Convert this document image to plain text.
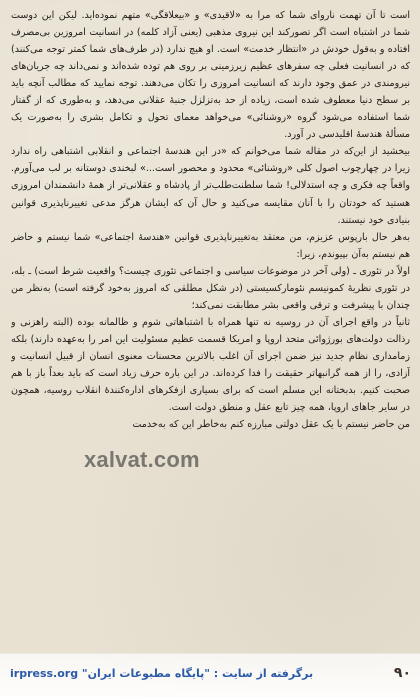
است تا آن تهمت ناروای شما که مرا به «لاقیدی» و «بیعلاقگی» متهم نموده‌اید. لیکن این دوست شما در اشتباه است اگر تصورکند این نیروی مذهبی (یعنی آزاد کلمه) در انسانیت امروزین بی‌مصرف افتاده و به‌قول خودش در «انتظار خدمت» است. او هیچ ندارد (در طرف‌های شما کمتر توجه می‌کنند) که در انسانیت فعلی چه سفرهای عظیم زیرزمینی بر روی هم توده شده‌اند و نمی‌داند چه جریان‌های نیرومندی در عمق وجود دارند که انسانیت امروزی را تکان می‌دهند. توجه نمایید که مطالب آنچه باید بر سطح دنیا معطوف شده است، زیاده از حد به‌تزلزل جنبهٔ عقلانی می‌دهد، و به‌طوری که از گفتار شما استفاده می‌شود گروه «روشنائی» می‌خواهد معمای تحول و تکامل بشری را به‌صورت یک مسألهٔ هندسهٔ اقلیدسی در آورد.

بیخشید از این‌که در مقاله شما می‌خوانم که «در این هندسهٔ اجتماعی و انقلابی اشتباهی راه ندارد زیرا در چهارچوب اصول کلی «روشنائی» محدود و محصور است...» لبخندی دوستانه بر لب می‌آورم. واقعاً چه فکری و چه استدلالی! شما سلطنت‌طلب‌تر از پادشاه و عقلانی‌تر از همهٔ دانشمندان امروزی هستید که خودتان را با آنان مقایسه می‌کنید و حال آن که ایشان هرگز مدعی تغییرناپذیری قوانین بنیادی خود نیستند.

به‌هر حال بارپوس عزیزم، من معتقد به‌تغییرناپذیری قوانین «هندسهٔ اجتماعی» شما نیستم و حاضر هم نیستم به‌آن بپیوندم، زیرا:

اولاً در تئوری ـ (ولی آخر در موضوعات سیاسی و اجتماعی تئوری چیست؟ واقعیت شرط است) ـ بله، در تئوری نظریهٔ کمونیسم نئومارکسیستی (در شکل مطلقی که امروز به‌خود گرفته است) به‌نظر من چندان با پیشرفت و ترقی واقعی بشر مطابقت نمی‌کند؛

ثانیاً در واقع اجرای آن در روسیه نه تنها همراه با اشتباهاتی شوم و ظالمانه بوده (البته راهزنی و رذالت دولت‌های بورژوائی متحد اروپا و امریکا قسمت عظیم مسئولیت این امر را به‌عهده دارند) بلکه زمامداری نظام جدید نیز ضمن اجرای آن اغلب بالاترین محسنات معنوی انسان از قبیل انسانیت و آزادی، را از همه گرانبهاتر حقیقت را فدا کرده‌اند. در این باره حرف زیاد است که باید بعداً باز با هم صحبت کنیم. بدبختانه این مسلم است که برای بسیاری ازفکرهای اداره‌کنندهٔ انقلاب روسیه، همچون در سایر جاهای اروپا، همه چیز تابع عقل و منطق دولت است.

من حاضر نیستم با یک عقل دولتی مبارزه کنم به‌خاطر این که به‌خدمت

xalvat.com
برگرفته از سایت : "پایگاه مطبوعات ایران" irpress.org	۹۰
